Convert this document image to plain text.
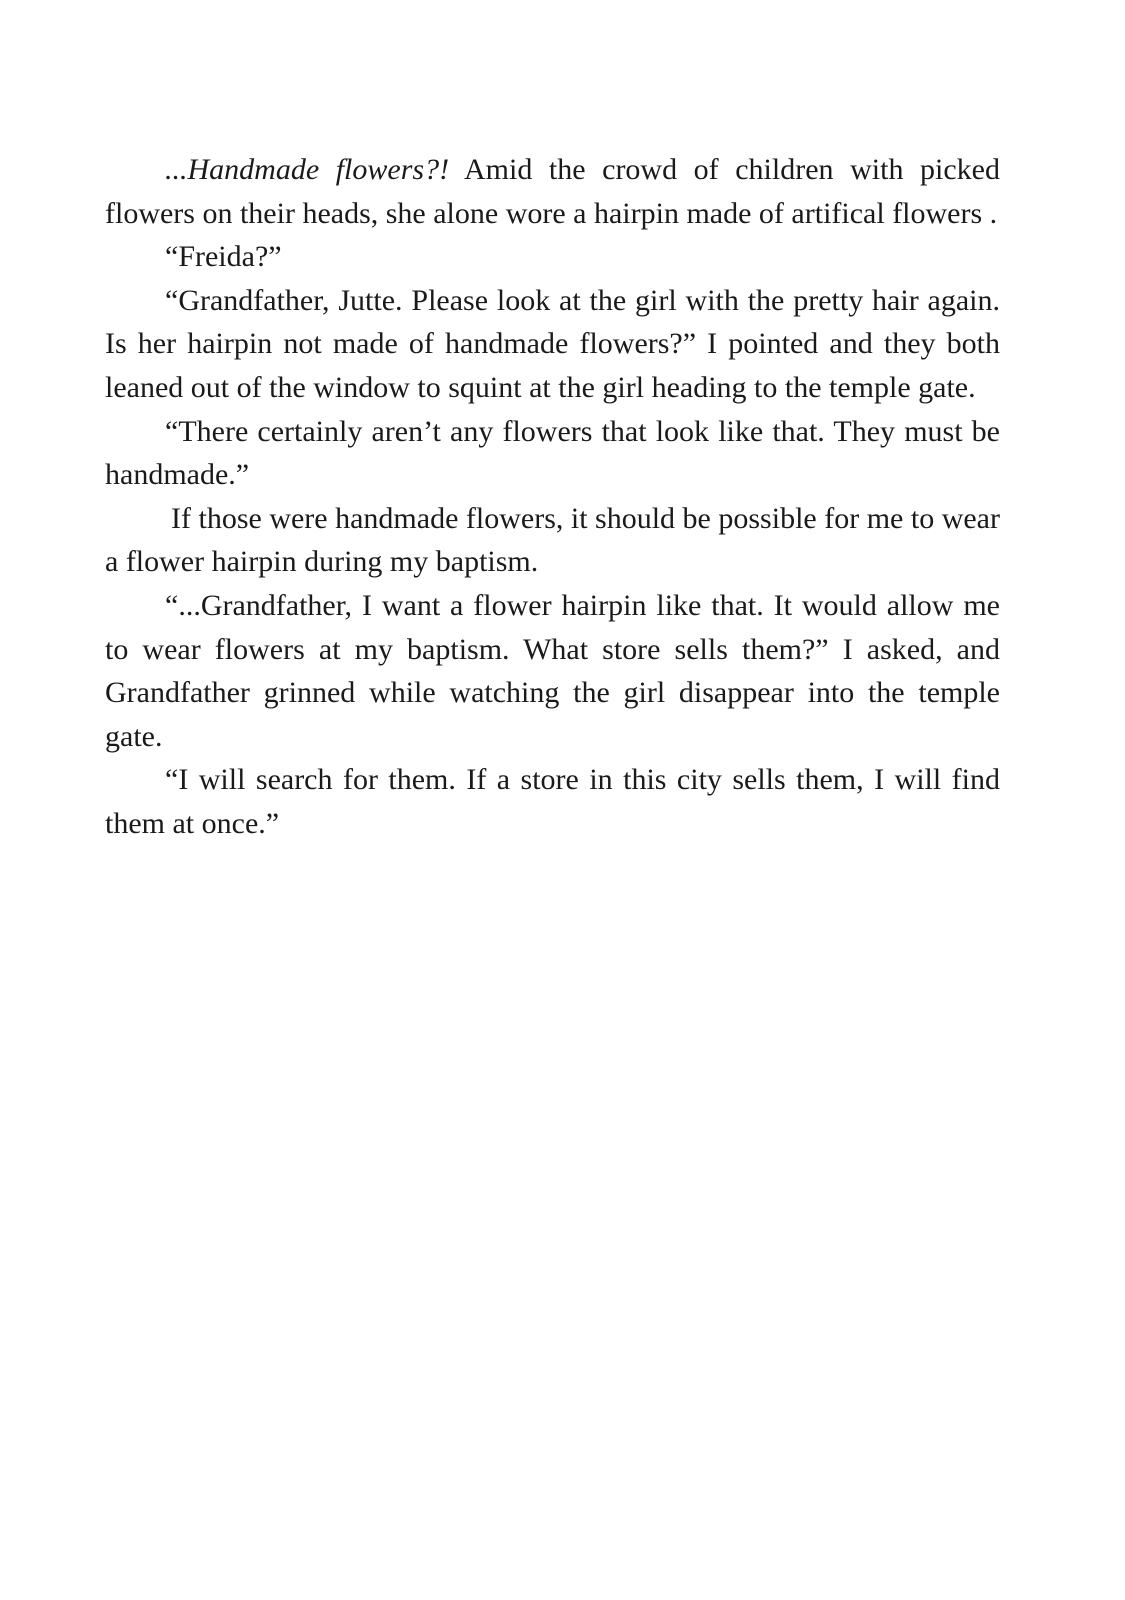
...Handmade flowers?! Amid the crowd of children with picked flowers on their heads, she alone wore a hairpin made of artifical flowers .

“Freida?”

“Grandfather, Jutte. Please look at the girl with the pretty hair again. Is her hairpin not made of handmade flowers?” I pointed and they both leaned out of the window to squint at the girl heading to the temple gate.

“There certainly aren’t any flowers that look like that. They must be handmade.”

If those were handmade flowers, it should be possible for me to wear a flower hairpin during my baptism.

“...Grandfather, I want a flower hairpin like that. It would allow me to wear flowers at my baptism. What store sells them?” I asked, and Grandfather grinned while watching the girl disappear into the temple gate.

“I will search for them. If a store in this city sells them, I will find them at once.”
